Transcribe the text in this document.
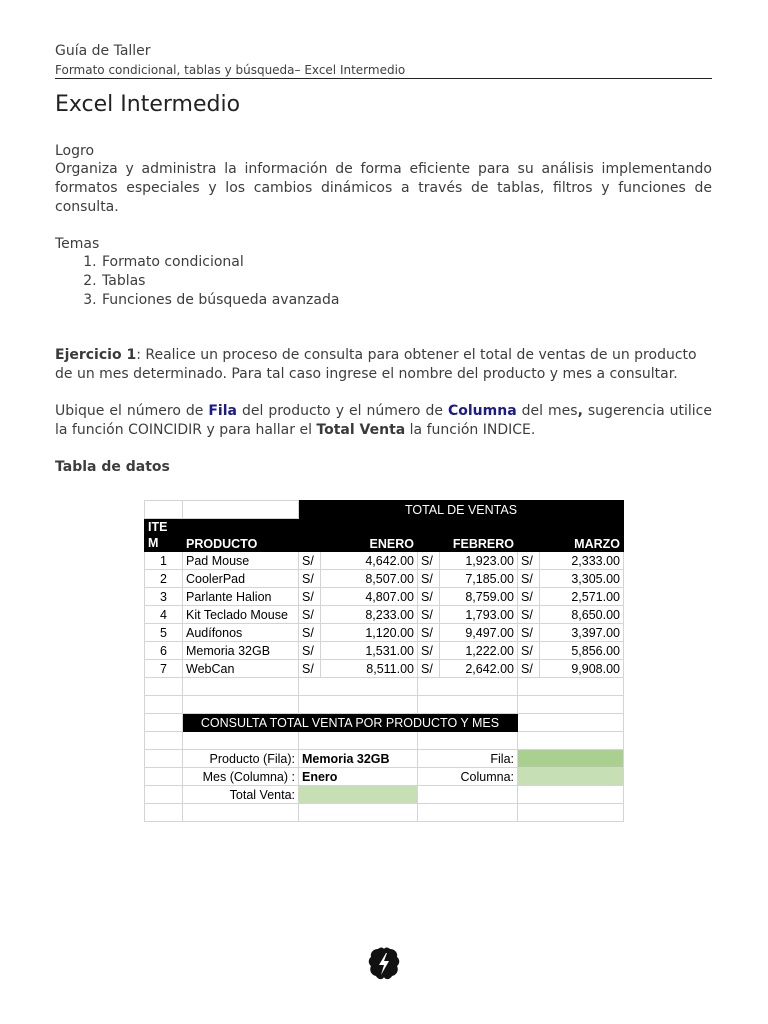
Guía de Taller
Formato condicional, tablas y búsqueda– Excel Intermedio
Excel Intermedio
Logro
Organiza y administra la información de forma eficiente para su análisis implementando formatos especiales y los cambios dinámicos a través de tablas, filtros y funciones de consulta.
Temas
1. Formato condicional
2. Tablas
3. Funciones de búsqueda avanzada
Ejercicio 1: Realice un proceso de consulta para obtener el total de ventas de un producto de un mes determinado. Para tal caso ingrese el nombre del producto y mes a consultar.
Ubique el número de Fila del producto y el número de Columna del mes, sugerencia utilice la función COINCIDIR y para hallar el Total Venta la función INDICE.
Tabla de datos
		TOTAL DE VENTAS					
ITE M	PRODUCTO	ENERO		FEBRERO		MARZO	
1	Pad Mouse	S/	4,642.00	S/	1,923.00	S/	2,333.00
2	CoolerPad	S/	8,507.00	S/	7,185.00	S/	3,305.00
3	Parlante Halion	S/	4,807.00	S/	8,759.00	S/	2,571.00
4	Kit Teclado Mouse	S/	8,233.00	S/	1,793.00	S/	8,650.00
5	Audífonos	S/	1,120.00	S/	9,497.00	S/	3,397.00
6	Memoria 32GB	S/	1,531.00	S/	1,222.00	S/	5,856.00
7	WebCan	S/	8,511.00	S/	2,642.00	S/	9,908.00

	CONSULTA TOTAL VENTA POR PRODUCTO Y MES						

	Producto (Fila):	Memoria 32GB		Fila:			
	Mes (Columna) :	Enero		Columna:			
	Total Venta:						
